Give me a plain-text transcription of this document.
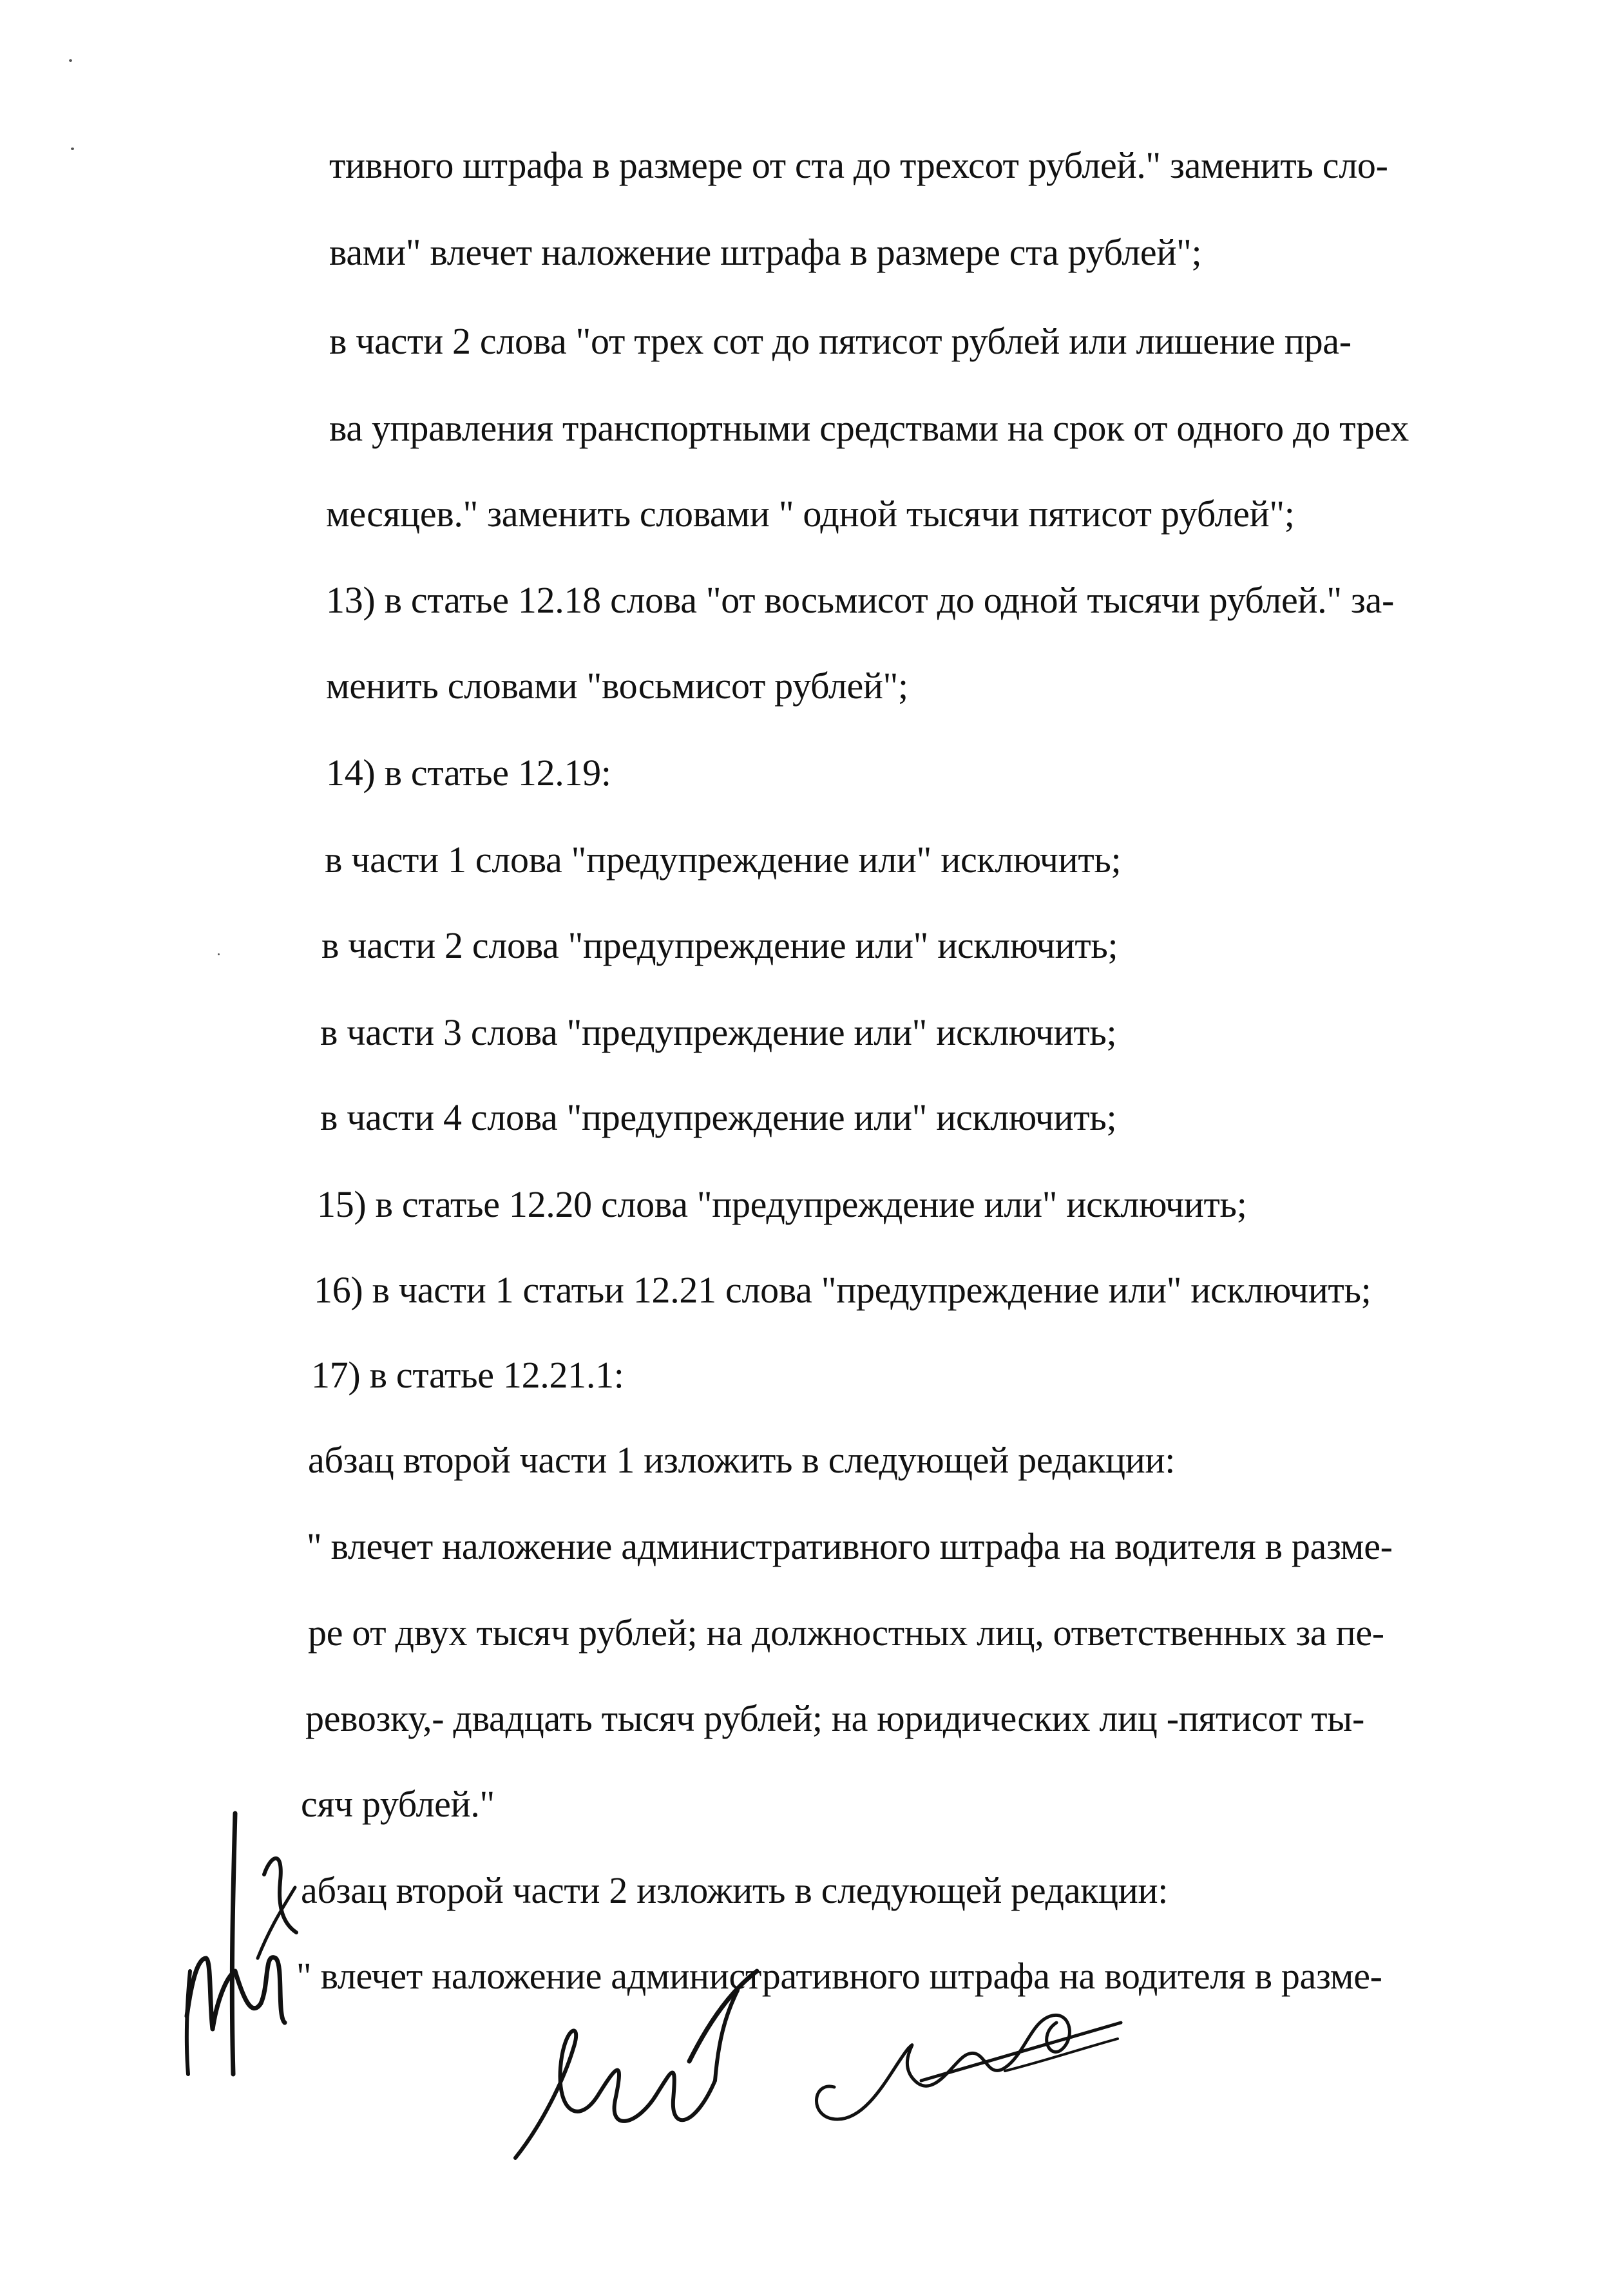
тивного штрафа в размере от ста до трехсот рублей." заменить сло-
вами" влечет наложение штрафа в размере ста рублей";
в части 2 слова "от трех сот до пятисот рублей или лишение пра-
ва управления транспортными средствами на срок от одного до трех
месяцев." заменить словами " одной тысячи пятисот рублей";
13) в статье 12.18 слова "от восьмисот до одной тысячи рублей." за-
менить словами "восьмисот рублей";
14) в статье 12.19:
в части 1 слова "предупреждение или" исключить;
в части 2 слова "предупреждение или" исключить;
в части 3 слова "предупреждение или" исключить;
в части 4 слова "предупреждение или" исключить;
15) в статье 12.20 слова "предупреждение или" исключить;
16) в части 1 статьи 12.21 слова "предупреждение или" исключить;
17) в статье 12.21.1:
абзац второй части 1 изложить в следующей редакции:
" влечет наложение административного штрафа на водителя в разме-
ре от двух тысяч рублей; на должностных лиц, ответственных за пе-
ревозку,- двадцать тысяч рублей; на юридических лиц -пятисот ты-
сяч рублей."
абзац второй части 2 изложить в следующей редакции:
" влечет наложение административного штрафа на водителя в разме-
